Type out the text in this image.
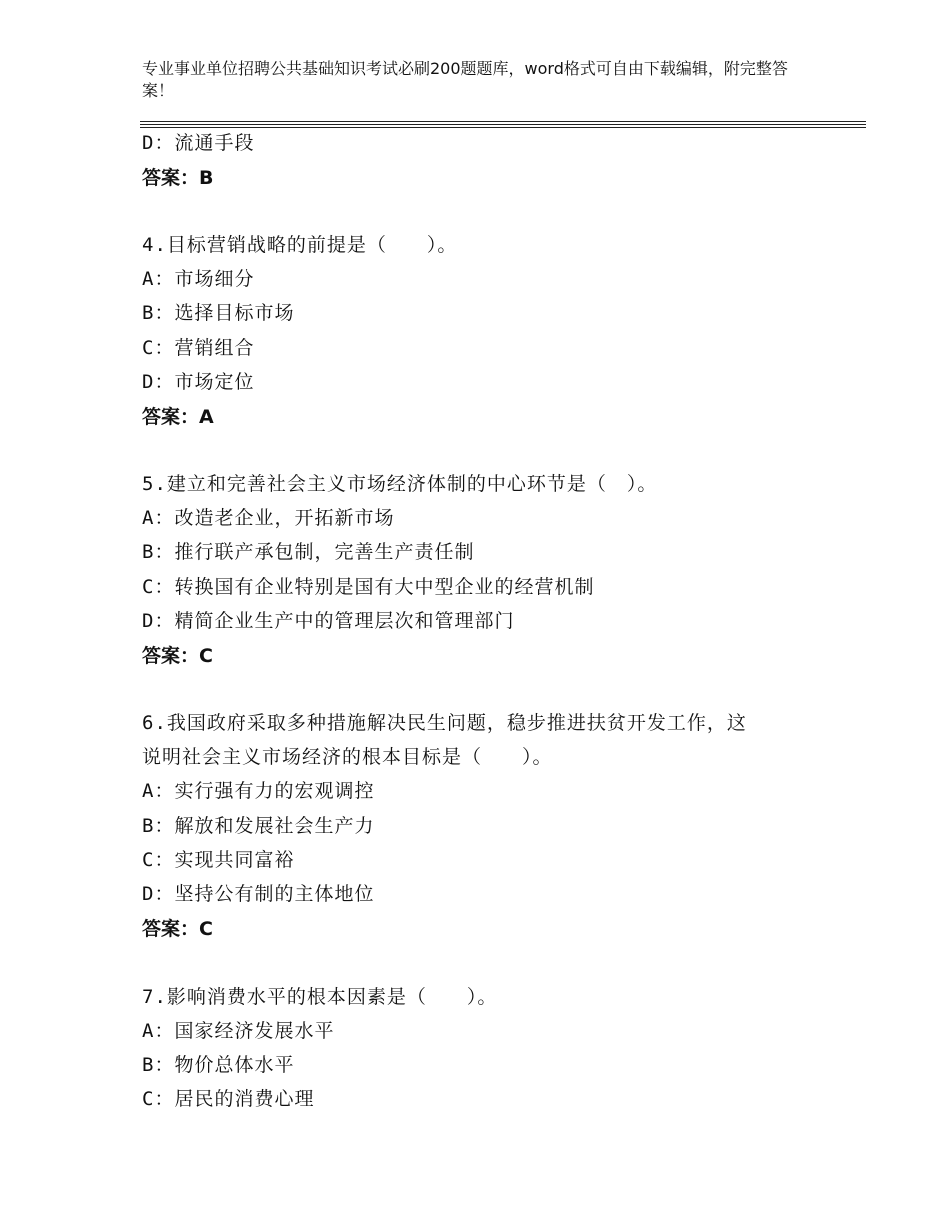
专业事业单位招聘公共基础知识考试必刷200题题库，word格式可自由下载编辑，附完整答案！
D：流通手段
答案：B
4.目标营销战略的前提是（　　）。
A：市场细分
B：选择目标市场
C：营销组合
D：市场定位
答案：A
5.建立和完善社会主义市场经济体制的中心环节是（　）。
A：改造老企业，开拓新市场
B：推行联产承包制，完善生产责任制
C：转换国有企业特别是国有大中型企业的经营机制
D：精简企业生产中的管理层次和管理部门
答案：C
6.我国政府采取多种措施解决民生问题，稳步推进扶贫开发工作，这
说明社会主义市场经济的根本目标是（　　）。
A：实行强有力的宏观调控
B：解放和发展社会生产力
C：实现共同富裕
D：坚持公有制的主体地位
答案：C
7.影响消费水平的根本因素是（　　）。
A：国家经济发展水平
B：物价总体水平
C：居民的消费心理
